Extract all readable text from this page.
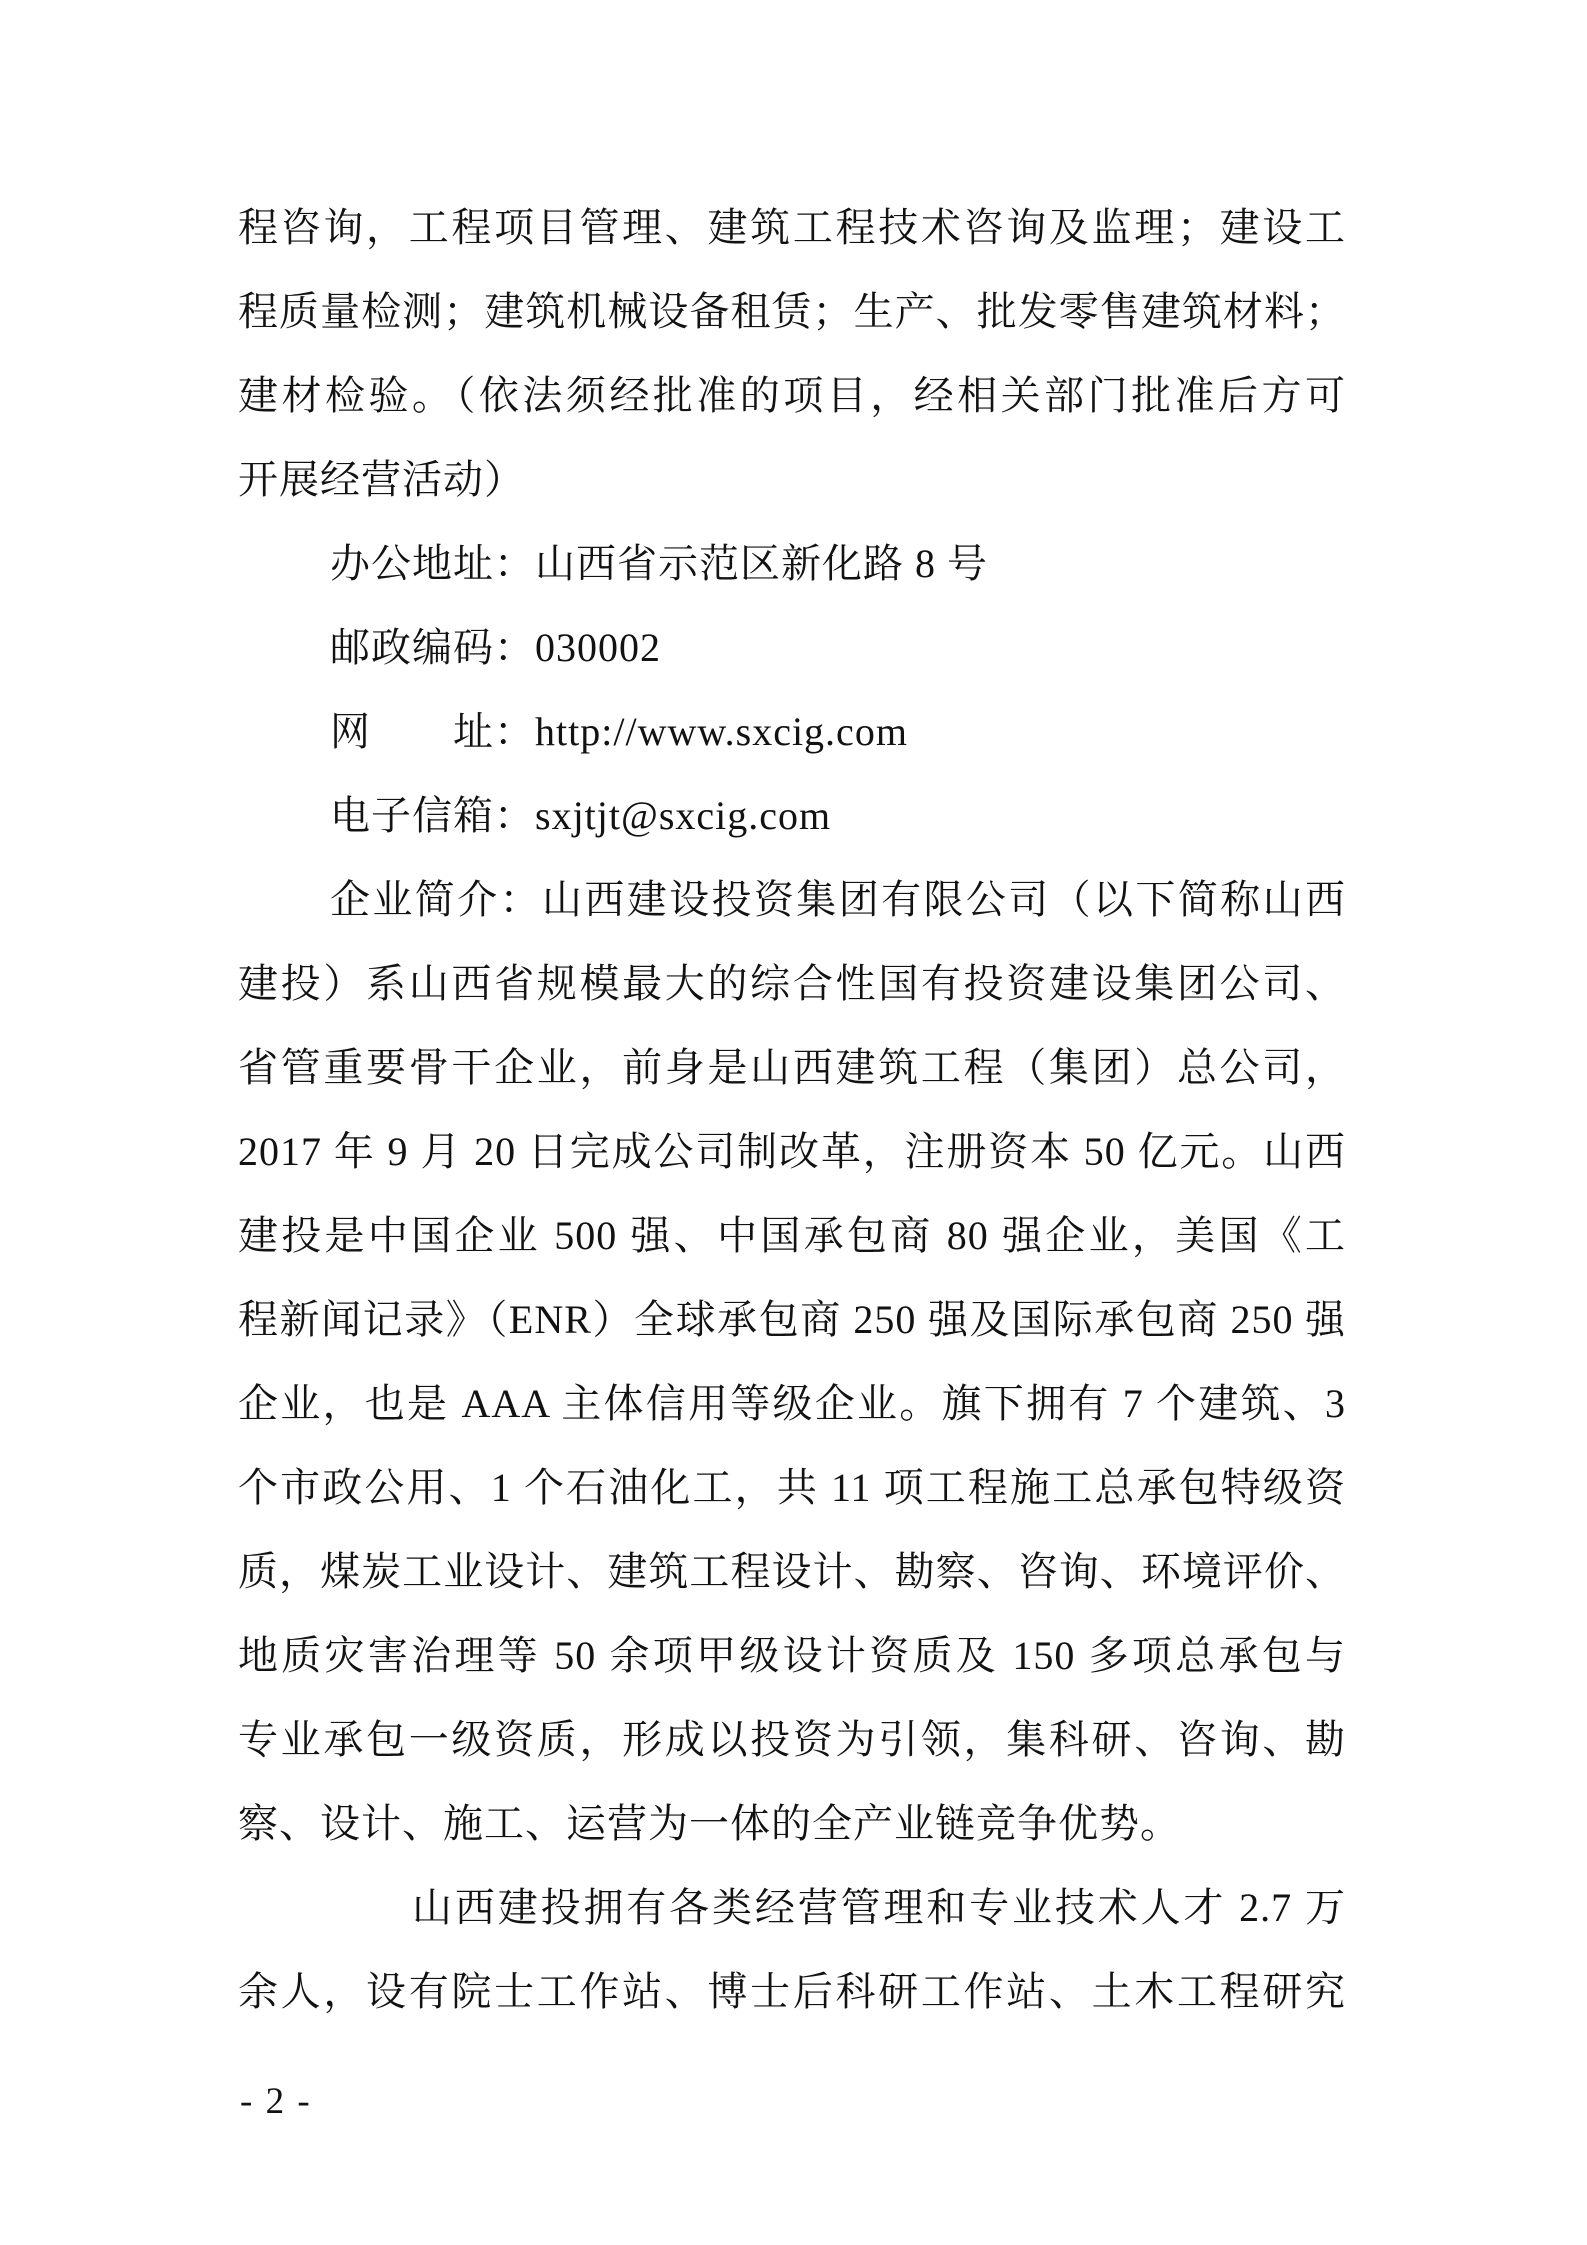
程咨询，工程项目管理、建筑工程技术咨询及监理；建设工
程质量检测；建筑机械设备租赁；生产、批发零售建筑材料；
建材检验。（依法须经批准的项目，经相关部门批准后方可
开展经营活动）
办公地址：山西省示范区新化路 8 号
邮政编码：030002
网　　址：http://www.sxcig.com
电子信箱：sxjtjt@sxcig.com
企业简介：山西建设投资集团有限公司（以下简称山西
建投）系山西省规模最大的综合性国有投资建设集团公司、
省管重要骨干企业，前身是山西建筑工程（集团）总公司，
2017 年 9 月 20 日完成公司制改革，注册资本 50 亿元。山西
建投是中国企业 500 强、中国承包商 80 强企业，美国《工
程新闻记录》（ENR）全球承包商 250 强及国际承包商 250 强
企业，也是 AAA 主体信用等级企业。旗下拥有 7 个建筑、3
个市政公用、1 个石油化工，共 11 项工程施工总承包特级资
质，煤炭工业设计、建筑工程设计、勘察、咨询、环境评价、
地质灾害治理等 50 余项甲级设计资质及 150 多项总承包与
专业承包一级资质，形成以投资为引领，集科研、咨询、勘
察、设计、施工、运营为一体的全产业链竞争优势。
山西建投拥有各类经营管理和专业技术人才 2.7 万
余人，设有院士工作站、博士后科研工作站、土木工程研究
- 2 -
